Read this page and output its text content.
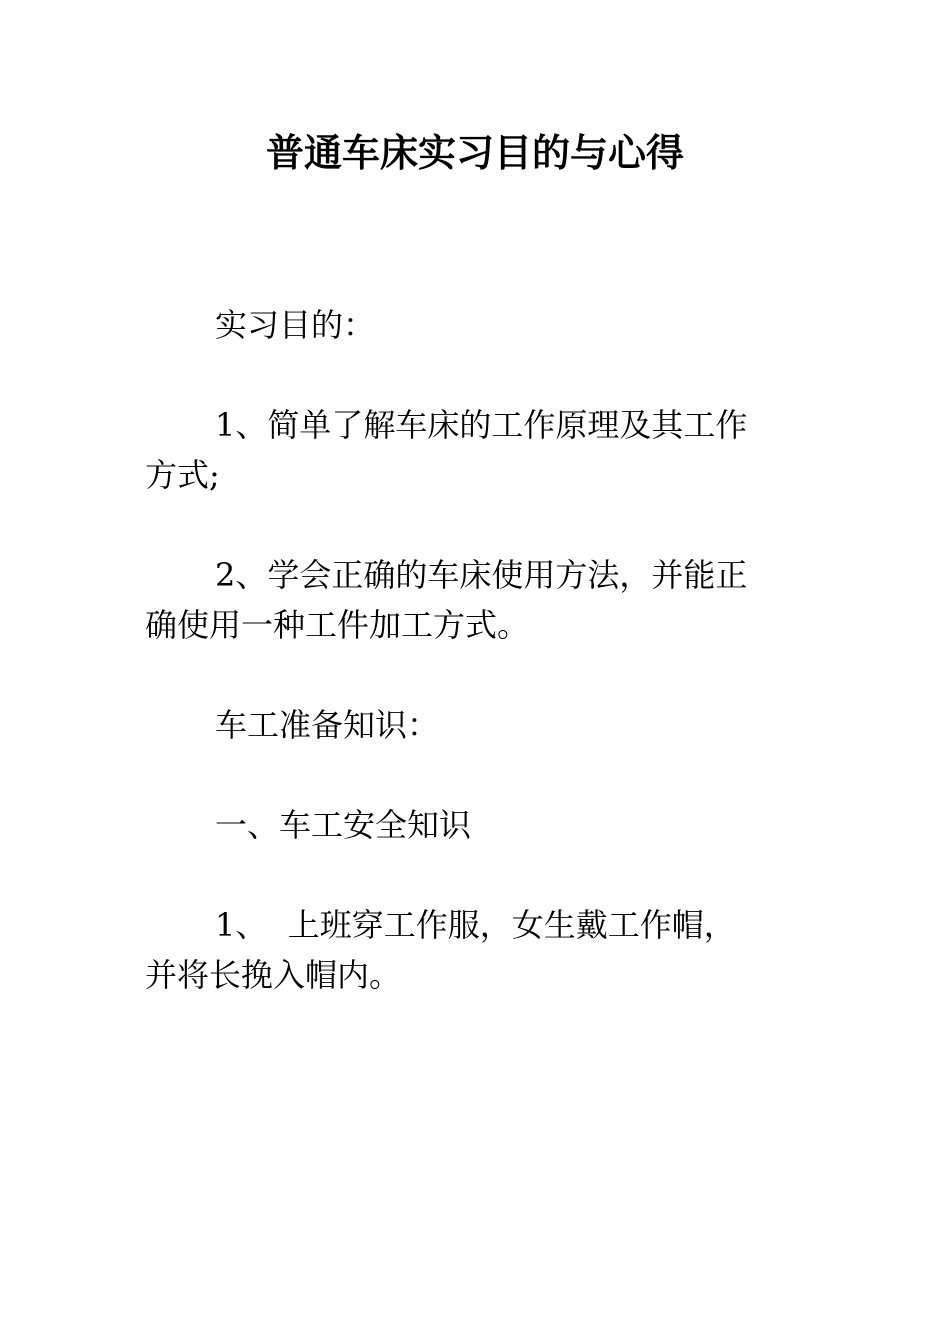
普通车床实习目的与心得

实习目的：

1、简单了解车床的工作原理及其工作
方式;

2、学会正确的车床使用方法，并能正
确使用一种工件加工方式。

车工准备知识：

一、车工安全知识

1、  上班穿工作服，女生戴工作帽，
并将长挽入帽内。
